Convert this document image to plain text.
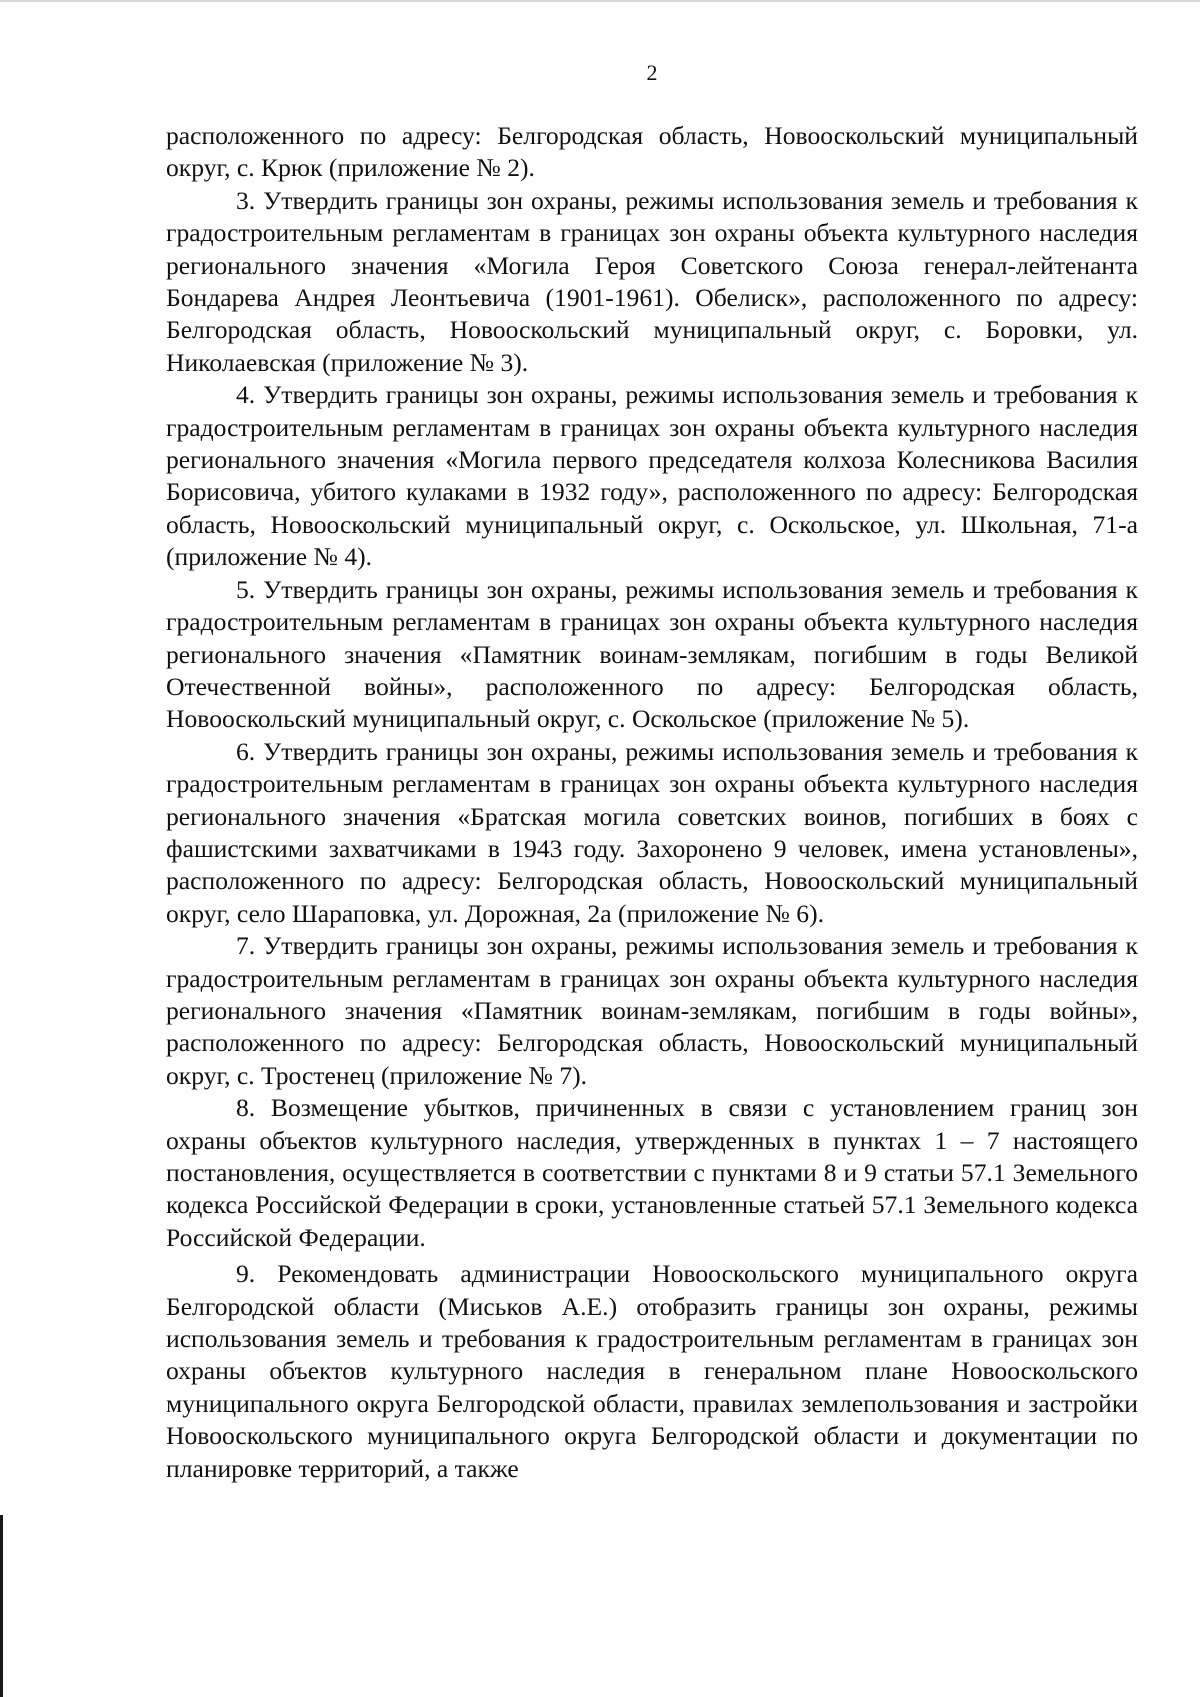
2

расположенного по адресу: Белгородская область, Новооскольский муниципальный округ, с. Крюк (приложение № 2).

3. Утвердить границы зон охраны, режимы использования земель и требования к градостроительным регламентам в границах зон охраны объекта культурного наследия регионального значения «Могила Героя Советского Союза генерал-лейтенанта Бондарева Андрея Леонтьевича (1901-1961). Обелиск», расположенного по адресу: Белгородская область, Новооскольский муниципальный округ, с. Боровки, ул. Николаевская (приложение № 3).

4. Утвердить границы зон охраны, режимы использования земель и требования к градостроительным регламентам в границах зон охраны объекта культурного наследия регионального значения «Могила первого председателя колхоза Колесникова Василия Борисовича, убитого кулаками в 1932 году», расположенного по адресу: Белгородская область, Новооскольский муниципальный округ, с. Оскольское, ул. Школьная, 71-а (приложение № 4).

5. Утвердить границы зон охраны, режимы использования земель и требования к градостроительным регламентам в границах зон охраны объекта культурного наследия регионального значения «Памятник воинам-землякам, погибшим в годы Великой Отечественной войны», расположенного по адресу: Белгородская область, Новооскольский муниципальный округ, с. Оскольское (приложение № 5).

6. Утвердить границы зон охраны, режимы использования земель и требования к градостроительным регламентам в границах зон охраны объекта культурного наследия регионального значения «Братская могила советских воинов, погибших в боях с фашистскими захватчиками в 1943 году. Захоронено 9 человек, имена установлены», расположенного по адресу: Белгородская область, Новооскольский муниципальный округ, село Шараповка, ул. Дорожная, 2а (приложение № 6).

7. Утвердить границы зон охраны, режимы использования земель и требования к градостроительным регламентам в границах зон охраны объекта культурного наследия регионального значения «Памятник воинам-землякам, погибшим в годы войны», расположенного по адресу: Белгородская область, Новооскольский муниципальный округ, с. Тростенец (приложение № 7).

8. Возмещение убытков, причиненных в связи с установлением границ зон охраны объектов культурного наследия, утвержденных в пунктах 1 – 7 настоящего постановления, осуществляется в соответствии с пунктами 8 и 9 статьи 57.1 Земельного кодекса Российской Федерации в сроки, установленные статьей 57.1 Земельного кодекса Российской Федерации.

9. Рекомендовать администрации Новооскольского муниципального округа Белгородской области (Миськов А.Е.) отобразить границы зон охраны, режимы использования земель и требования к градостроительным регламентам в границах зон охраны объектов культурного наследия в генеральном плане Новооскольского муниципального округа Белгородской области, правилах землепользования и застройки Новооскольского муниципального округа Белгородской области и документации по планировке территорий, а также
